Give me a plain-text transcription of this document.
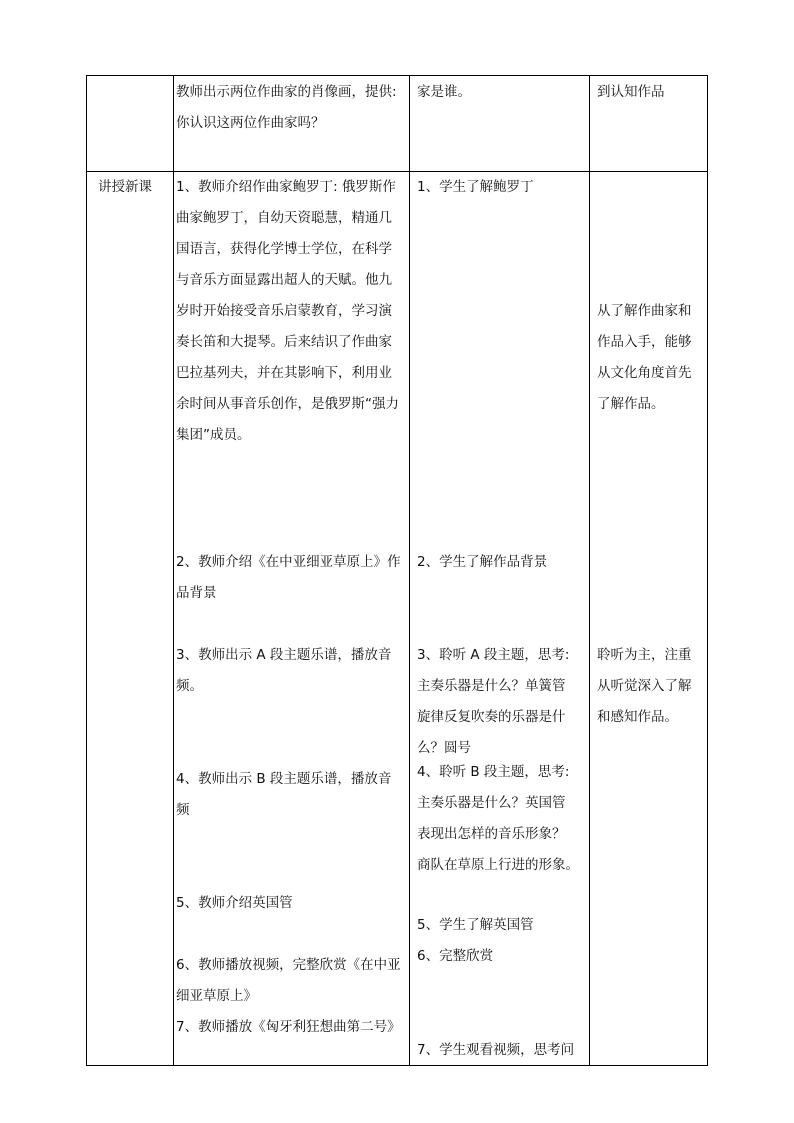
教师出示两位作曲家的肖像画，提供:
你认识这两位作曲家吗？
家是谁。	到认知作品
讲授新课 1、教师介绍作曲家鲍罗丁: 俄罗斯作
曲家鲍罗丁，自幼天资聪慧，精通几
国语言，获得化学博士学位，在科学
与音乐方面显露出超人的天赋。他九
岁时开始接受音乐启蒙教育，学习演
奏长笛和大提琴。后来结识了作曲家
巴拉基列夫，并在其影响下，利用业
余时间从事音乐创作，是俄罗斯“强力
集团”成员。
2、教师介绍《在中亚细亚草原上》作
品背景
3、教师出示 A 段主题乐谱，播放音
频。
4、教师出示 B 段主题乐谱，播放音
频
5、教师介绍英国管
6、教师播放视频，完整欣赏《在中亚
细亚草原上》
7、教师播放《匈牙利狂想曲第二号》
1、学生了解鲍罗丁
2、学生了解作品背景
3、聆听 A 段主题，思考:
主奏乐器是什么？单簧管
旋律反复吹奏的乐器是什
么？圆号
4、聆听 B 段主题，思考:
主奏乐器是什么？英国管
表现出怎样的音乐形象？
商队在草原上行进的形象。
5、学生了解英国管
6、完整欣赏
7、学生观看视频，思考问
从了解作曲家和
作品入手，能够
从文化角度首先
了解作品。
聆听为主，注重
从听觉深入了解
和感知作品。
